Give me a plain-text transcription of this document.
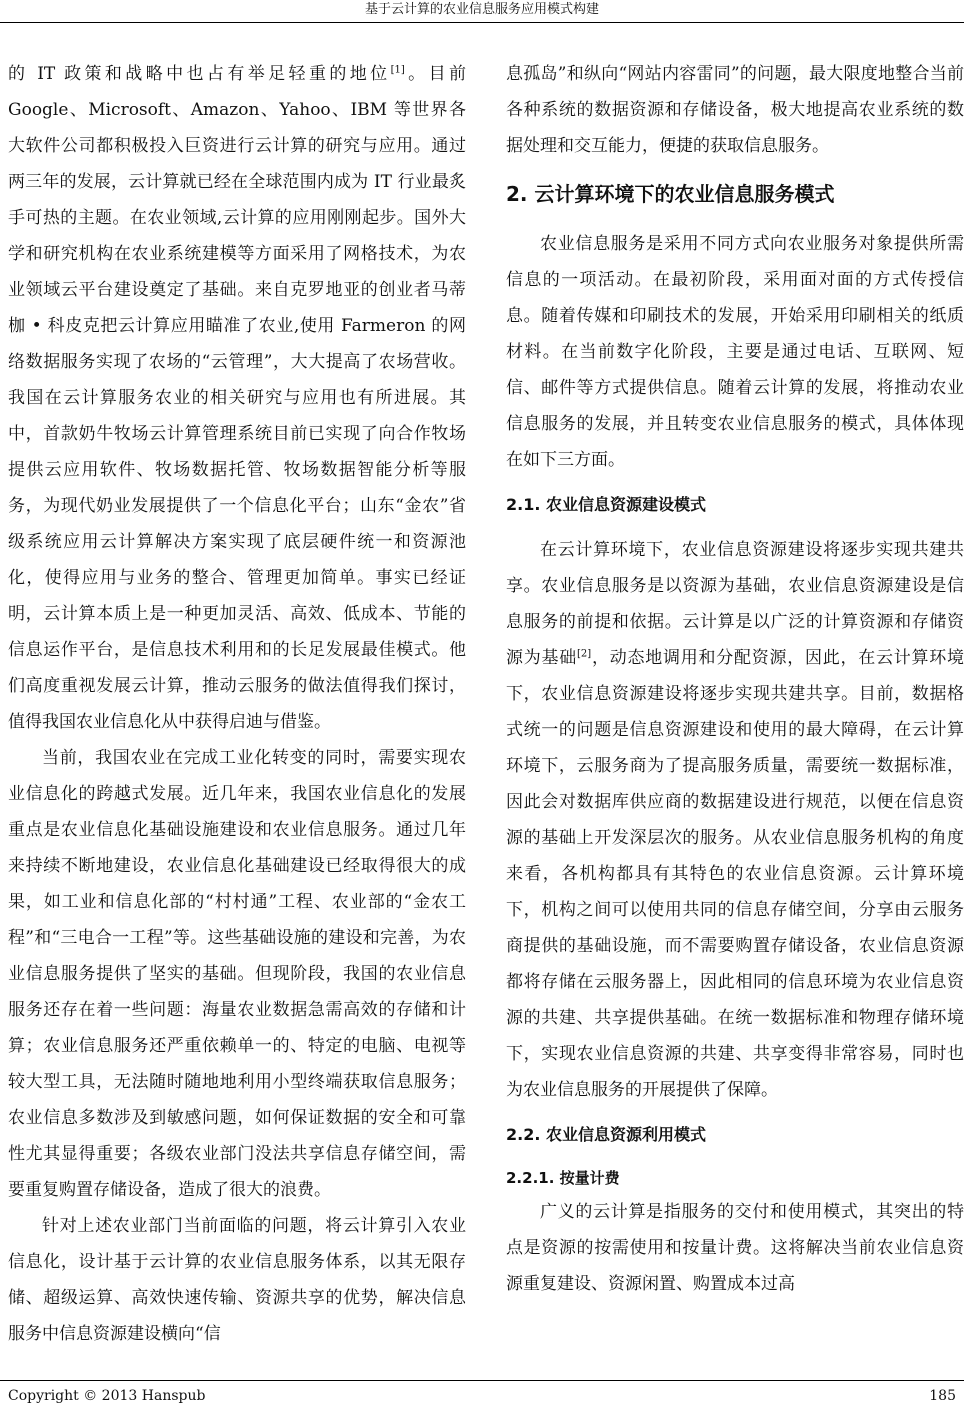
基于云计算的农业信息服务应用模式构建

的 IT 政策和战略中也占有举足轻重的地位[1]。目前Google、Microsoft、Amazon、Yahoo、IBM 等世界各大软件公司都积极投入巨资进行云计算的研究与应用。通过两三年的发展，云计算就已经在全球范围内成为 IT 行业最炙手可热的主题。在农业领域,云计算的应用刚刚起步。国外大学和研究机构在农业系统建模等方面采用了网格技术，为农业领域云平台建设奠定了基础。来自克罗地亚的创业者马蒂枷 • 科皮克把云计算应用瞄准了农业,使用 Farmeron 的网络数据服务实现了农场的“云管理”，大大提高了农场营收。我国在云计算服务农业的相关研究与应用也有所进展。其中，首款奶牛牧场云计算管理系统目前已实现了向合作牧场提供云应用软件、牧场数据托管、牧场数据智能分析等服务，为现代奶业发展提供了一个信息化平台；山东“金农”省级系统应用云计算解决方案实现了底层硬件统一和资源池化，使得应用与业务的整合、管理更加简单。事实已经证明，云计算本质上是一种更加灵活、高效、低成本、节能的信息运作平台，是信息技术利用和的长足发展最佳模式。他们高度重视发展云计算，推动云服务的做法值得我们探讨，值得我国农业信息化从中获得启迪与借鉴。

当前，我国农业在完成工业化转变的同时，需要实现农业信息化的跨越式发展。近几年来，我国农业信息化的发展重点是农业信息化基础设施建设和农业信息服务。通过几年来持续不断地建设，农业信息化基础建设已经取得很大的成果，如工业和信息化部的“村村通”工程、农业部的“金农工程”和“三电合一工程”等。这些基础设施的建设和完善，为农业信息服务提供了坚实的基础。但现阶段，我国的农业信息服务还存在着一些问题：海量农业数据急需高效的存储和计算；农业信息服务还严重依赖单一的、特定的电脑、电视等较大型工具，无法随时随地地利用小型终端获取信息服务；农业信息多数涉及到敏感问题，如何保证数据的安全和可靠性尤其显得重要；各级农业部门没法共享信息存储空间，需要重复购置存储设备，造成了很大的浪费。

针对上述农业部门当前面临的问题，将云计算引入农业信息化，设计基于云计算的农业信息服务体系，以其无限存储、超级运算、高效快速传输、资源共享的优势，解决信息服务中信息资源建设横向“信

息孤岛”和纵向“网站内容雷同”的问题，最大限度地整合当前各种系统的数据资源和存储设备，极大地提高农业系统的数据处理和交互能力，便捷的获取信息服务。

2. 云计算环境下的农业信息服务模式

农业信息服务是采用不同方式向农业服务对象提供所需信息的一项活动。在最初阶段，采用面对面的方式传授信息。随着传媒和印刷技术的发展，开始采用印刷相关的纸质材料。在当前数字化阶段，主要是通过电话、互联网、短信、邮件等方式提供信息。随着云计算的发展，将推动农业信息服务的发展，并且转变农业信息服务的模式，具体体现在如下三方面。

2.1. 农业信息资源建设模式

在云计算环境下，农业信息资源建设将逐步实现共建共享。农业信息服务是以资源为基础，农业信息资源建设是信息服务的前提和依据。云计算是以广泛的计算资源和存储资源为基础[2]，动态地调用和分配资源，因此，在云计算环境下，农业信息资源建设将逐步实现共建共享。目前，数据格式统一的问题是信息资源建设和使用的最大障碍，在云计算环境下，云服务商为了提高服务质量，需要统一数据标准，因此会对数据库供应商的数据建设进行规范，以便在信息资源的基础上开发深层次的服务。从农业信息服务机构的角度来看，各机构都具有其特色的农业信息资源。云计算环境下，机构之间可以使用共同的信息存储空间，分享由云服务商提供的基础设施，而不需要购置存储设备，农业信息资源都将存储在云服务器上，因此相同的信息环境为农业信息资源的共建、共享提供基础。在统一数据标准和物理存储环境下，实现农业信息资源的共建、共享变得非常容易，同时也为农业信息服务的开展提供了保障。

2.2. 农业信息资源利用模式
2.2.1. 按量计费

广义的云计算是指服务的交付和使用模式，其突出的特点是资源的按需使用和按量计费。这将解决当前农业信息资源重复建设、资源闲置、购置成本过高

Copyright © 2013 Hanspub	185
